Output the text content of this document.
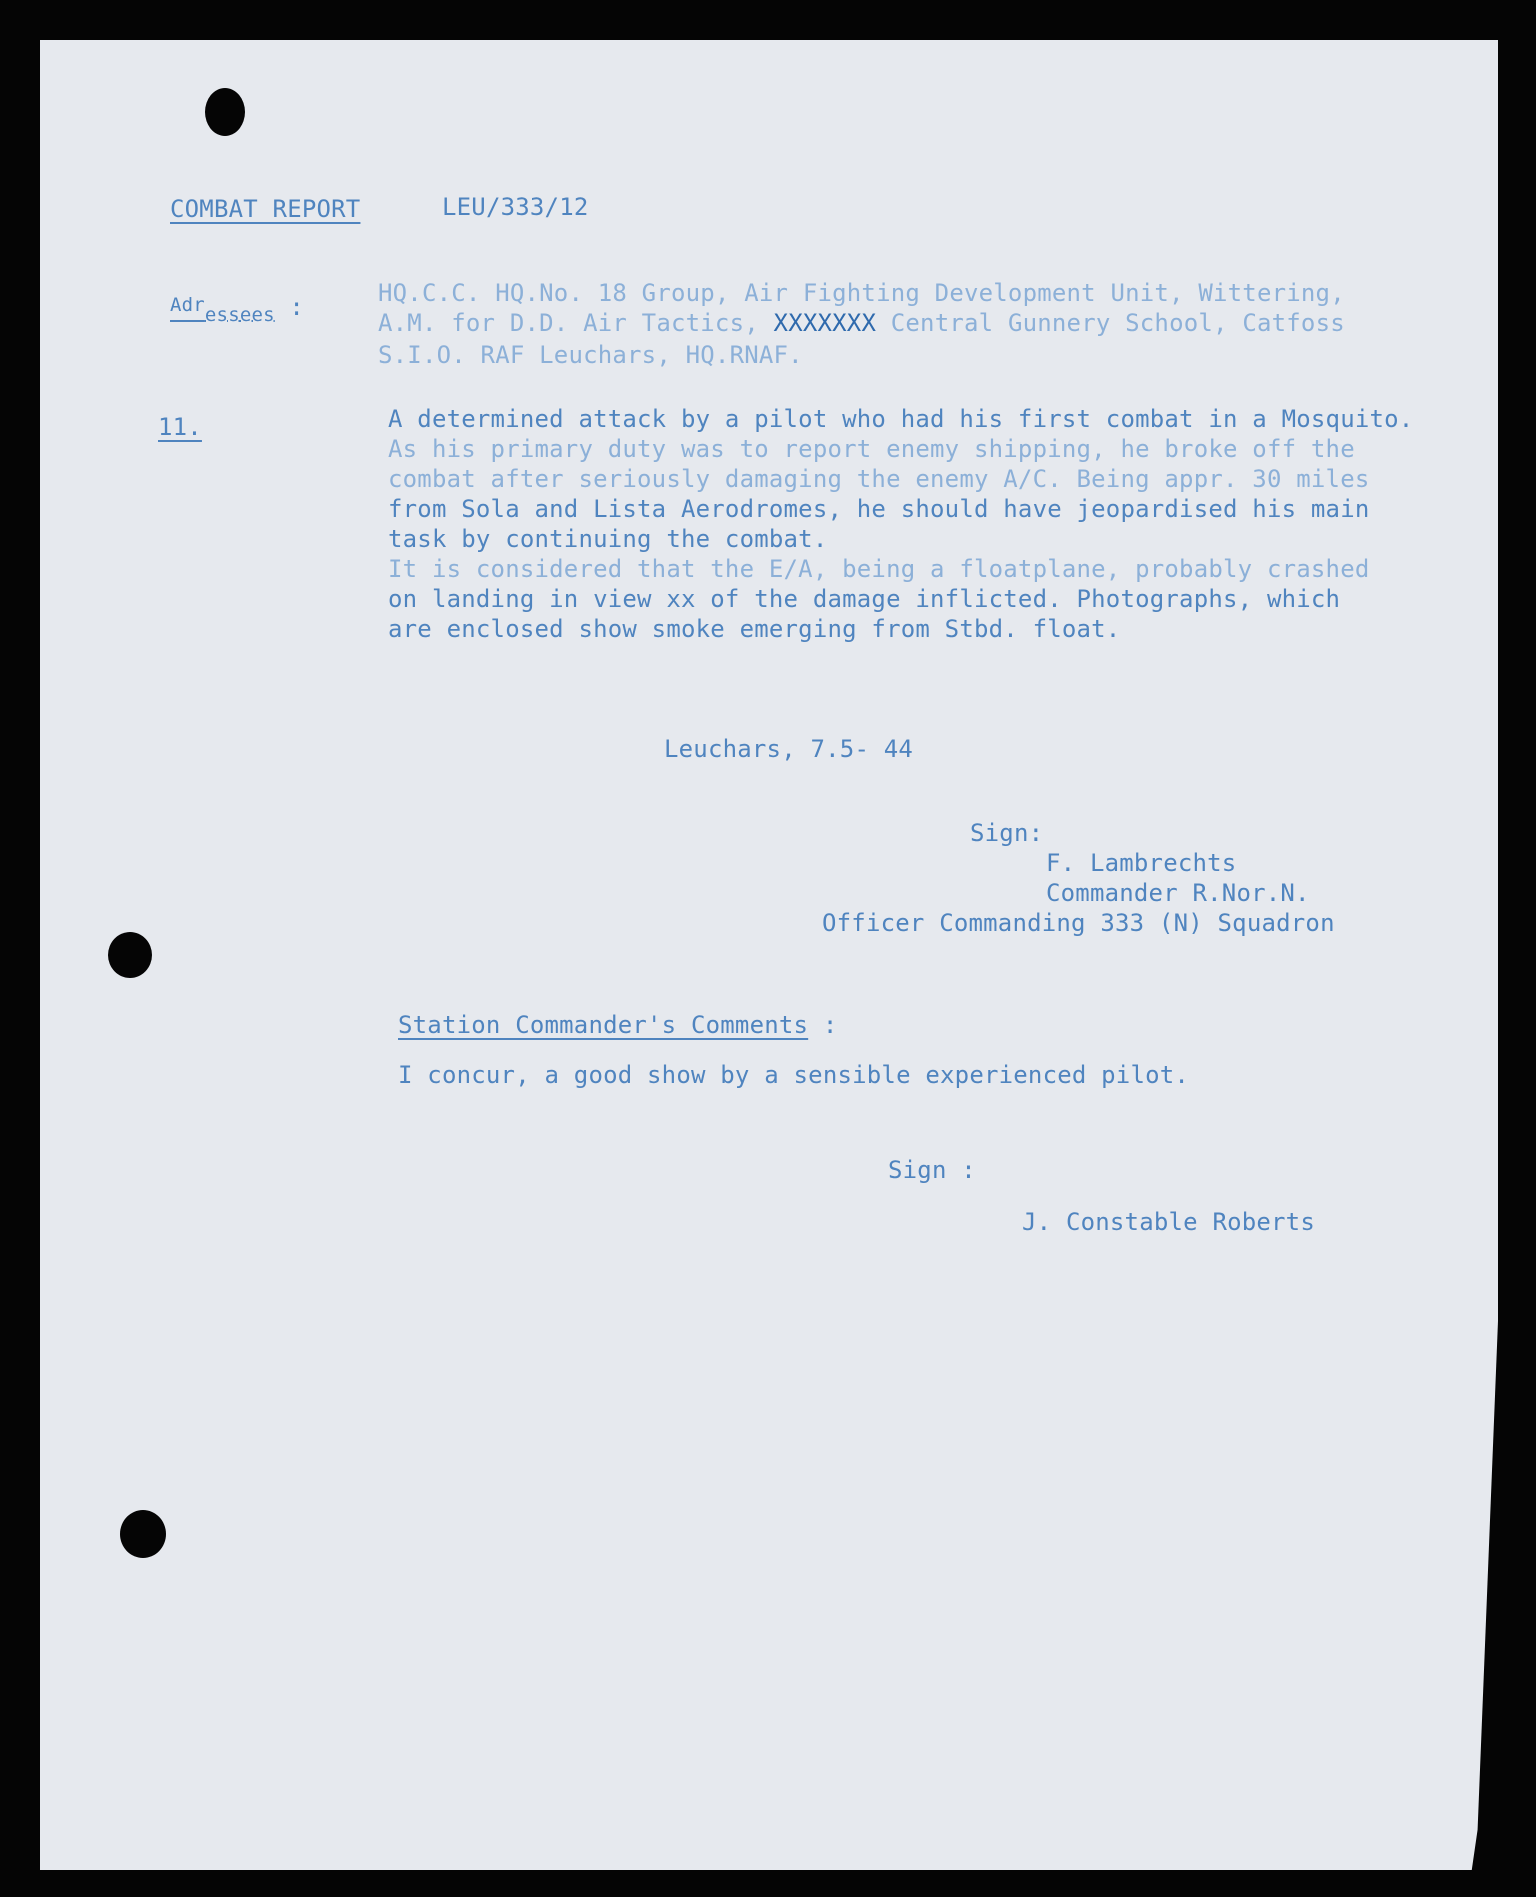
COMBAT REPORT	LEU/333/12
Adr$_{essees}$ :	HQ.C.C. HQ.No. 18 Group, Air Fighting Development Unit, Wittering,
A.M. for D.D. Air Tactics, XXXXXXX Central Gunnery School, Catfoss
S.I.O. RAF Leuchars, HQ.RNAF.
11.	A determined attack by a pilot who had his first combat in a Mosquito.
As his primary duty was to report enemy shipping, he broke off the
combat after seriously damaging the enemy A/C. Being appr. 30 miles
from Sola and Lista Aerodromes, he should have jeopardised his main
task by continuing the combat.
It is considered that the E/A, being a floatplane, probably crashed
on landing in view xx of the damage inflicted. Photographs, which
are enclosed show smoke emerging from Stbd. float.
Leuchars, 7.5- 44
Sign:
F. Lambrechts
Commander R.Nor.N.
Officer Commanding 333 (N) Squadron
Station Commander's Comments :
I concur, a good show by a sensible experienced pilot.
Sign :
J. Constable Roberts
